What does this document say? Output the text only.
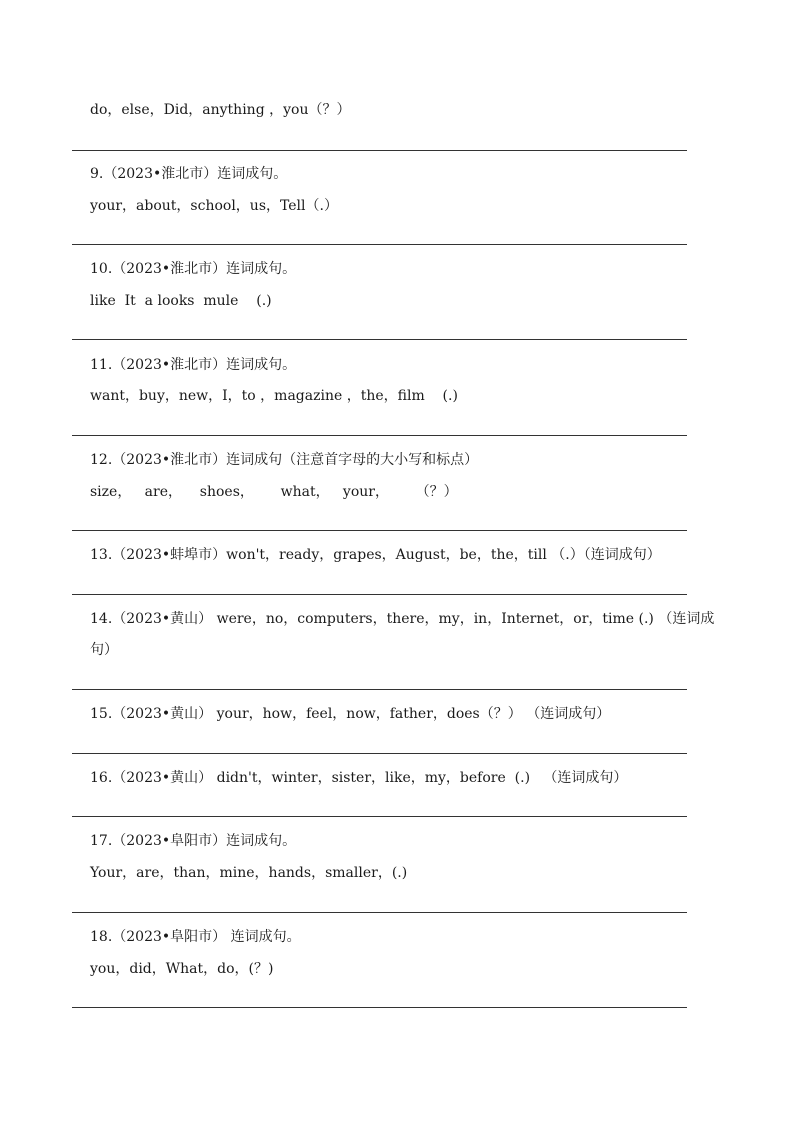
do，else，Did，anything ，you（？）
9.（2023•淮北市）连词成句。
your，about，school，us，Tell（.）
10.（2023•淮北市）连词成句。
like  It  a looks  mule    (.)
11.（2023•淮北市）连词成句。
want，buy，new，I，to ，magazine ，the，film    (.)
12.（2023•淮北市）连词成句（注意首字母的大小写和标点）
size，   are，    shoes，      what，   your，      （？）
13.（2023•蚌埠市）won't，ready，grapes，August，be，the，till （.）（连词成句）
14.（2023•黄山） were，no，computers，there，my，in，Internet，or，time (.) （连词成句）
15.（2023•黄山） your，how，feel，now，father，does（？） （连词成句）
16.（2023•黄山） didn't，winter，sister，like，my，before  (.)   （连词成句）
17.（2023•阜阳市）连词成句。
Your，are，than，mine，hands，smaller，(.)
18.（2023•阜阳市） 连词成句。
you，did，What，do，(？)
